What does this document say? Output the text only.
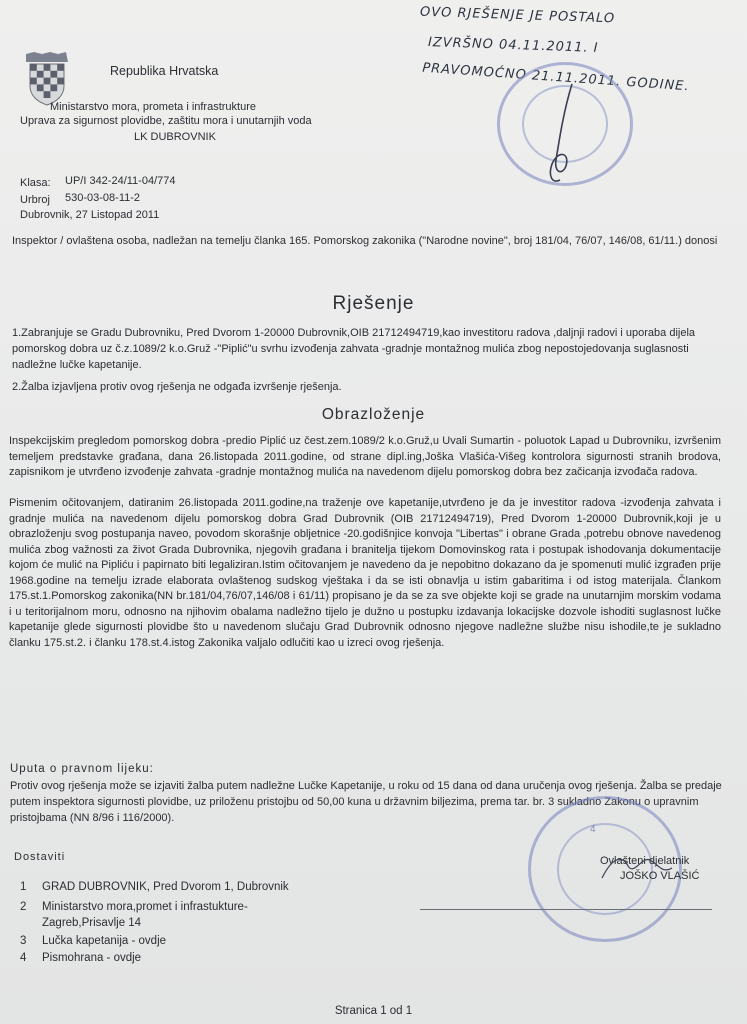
OVO RJEŠENJE JE POSTALO
IZVRŠNO 04.11.2011. I
PRAVOMOĆNO 21.11.2011. GODINE.
Republika Hrvatska
Ministarstvo mora, prometa i infrastrukture
Uprava za sigurnost plovidbe, zaštitu mora i unutarnjih voda
LK DUBROVNIK
Klasa: UP/I 342-24/11-04/774
Urbroj 530-03-08-11-2
Dubrovnik, 27 Listopad 2011
Inspektor / ovlaštena osoba, nadležan na temelju članka 165. Pomorskog zakonika ("Narodne novine", broj 181/04, 76/07, 146/08, 61/11.) donosi
Rješenje
1.Zabranjuje se Gradu Dubrovniku, Pred Dvorom 1-20000 Dubrovnik,OIB 21712494719,kao investitoru radova ,daljnji radovi i uporaba dijela pomorskog dobra uz č.z.1089/2 k.o.Gruž -"Piplić"u svrhu izvođenja zahvata -gradnje montažnog mulića zbog nepostojedovanja suglasnosti nadležne lučke kapetanije.
2.Žalba izjavljena protiv ovog rješenja ne odgađa izvršenje rješenja.
Obrazloženje
Inspekcijskim pregledom pomorskog dobra -predio Piplić uz čest.zem.1089/2 k.o.Gruž,u Uvali Sumartin - poluotok Lapad u Dubrovniku, izvršenim temeljem predstavke građana, dana 26.listopada 2011.godine, od strane dipl.ing,Joška Vlašića-Višeg kontrolora sigurnosti stranih brodova, zapisnikom je utvrđeno izvođenje zahvata -gradnje montažnog mulića na navedenom dijelu pomorskog dobra bez začicanja izvođača radova.
Pismenim očitovanjem, datiranim 26.listopada 2011.godine,na traženje ove kapetanije,utvrđeno je da je investitor radova -izvođenja zahvata i gradnje mulića na navedenom dijelu pomorskog dobra Grad Dubrovnik (OIB 21712494719), Pred Dvorom 1-20000 Dubrovnik,koji je u obrazloženju svog postupanja naveo, povodom skorašnje obljetnice -20.godišnjice konvoja "Libertas" i obrane Grada ,potrebu obnove navedenog mulića zbog važnosti za život Grada Dubrovnika, njegovih građana i branitelja tijekom Domovinskog rata i postupak ishodovanja dokumentacije kojom će mulić na Pipliću i papirnato biti legaliziran.Istim očitovanjem je navedeno da je nepobitno dokazano da je spomenuti mulić izgrađen prije 1968.godine na temelju izrade elaborata ovlaštenog sudskog vještaka i da se isti obnavlja u istim gabaritima i od istog materijala. Člankom 175.st.1.Pomorskog zakonika(NN br.181/04,76/07,146/08 i 61/11) propisano je da se za sve objekte koji se grade na unutarnjim morskim vodama i u teritorijalnom moru, odnosno na njihovim obalama nadležno tijelo je dužno u postupku izdavanja lokacijske dozvole ishoditi suglasnost lučke kapetanije glede sigurnosti plovidbe što u navedenom slučaju Grad Dubrovnik odnosno njegove nadležne službe nisu ishodile,te je sukladno članku 175.st.2. i članku 178.st.4.istog Zakonika valjalo odlučiti kao u izreci ovog rješenja.
Uputa o pravnom lijeku:
Protiv ovog rješenja može se izjaviti žalba putem nadležne Lučke Kapetanije, u roku od 15 dana od dana uručenja ovog rješenja. Žalba se predaje putem inspektora sigurnosti plovidbe, uz priloženu pristojbu od 50,00 kuna u državnim biljezima, prema tar. br. 3 sukladno Zakonu o upravnim pristojbama (NN 8/96 i 116/2000).
4
Dostaviti
1 GRAD DUBROVNIK, Pred Dvorom 1, Dubrovnik
2 Ministarstvo mora,promet i infrastukture-
Zagreb,Prisavlje 14
3 Lučka kapetanija - ovdje
4 Pismohrana - ovdje
Ovlašteni djelatnik
JOŠKO VLAŠIĆ
Stranica 1 od 1
